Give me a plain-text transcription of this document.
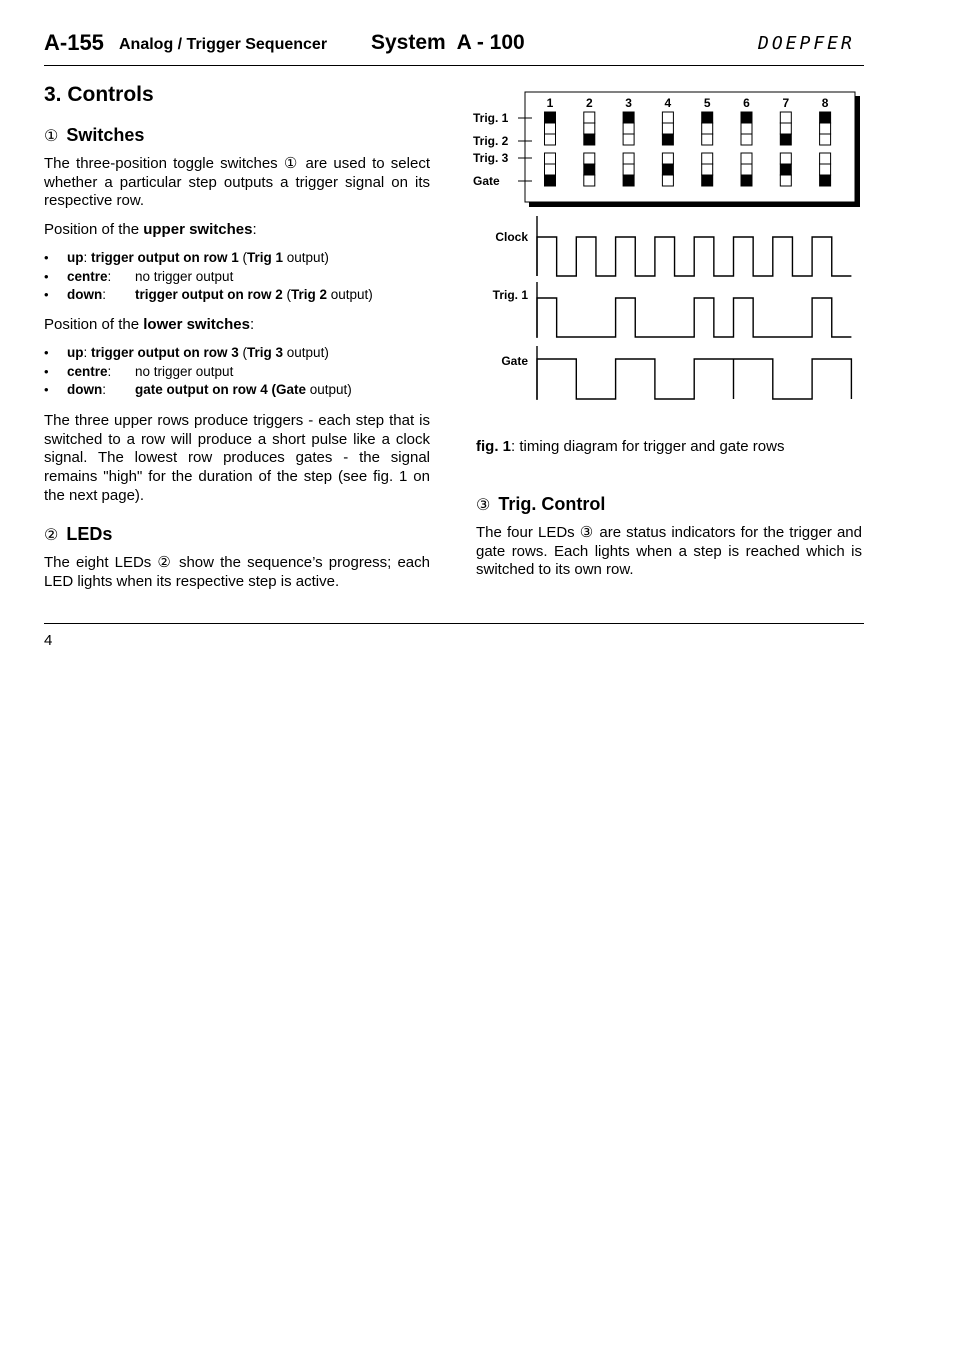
A-155 Analog / Trigger Sequencer System  A - 100	DOEPFER
3. Controls
① Switches

The three-position toggle switches ① are used to select whether a particular step outputs a trigger signal on its respective row.

Position of the upper switches:
• up: trigger output on row 1 (Trig 1 output)
• centre: no trigger output
• down: trigger output on row 2 (Trig 2 output)
Position of the lower switches:
• up: trigger output on row 3 (Trig 3 output)
• centre: no trigger output
• down: gate output on row 4 (Gate output)

The three upper rows produce triggers - each step that is switched to a row will produce a short pulse like a clock signal. The lowest row produces gates - the signal remains "high" for the duration of the step (see fig. 1 on the next page).

② LEDs

The eight LEDs ② show the sequence’s progress; each LED lights when its respective step is active.

1	2	3	4	5	6	7	8
Trig. 1
Trig. 2
Trig. 3
Gate
Clock
Trig. 1
Gate
fig. 1: timing diagram for trigger and gate rows
③ Trig. Control

The four LEDs ③ are status indicators for the trigger and gate rows. Each lights when a step is reached which is switched to its own row.

4
